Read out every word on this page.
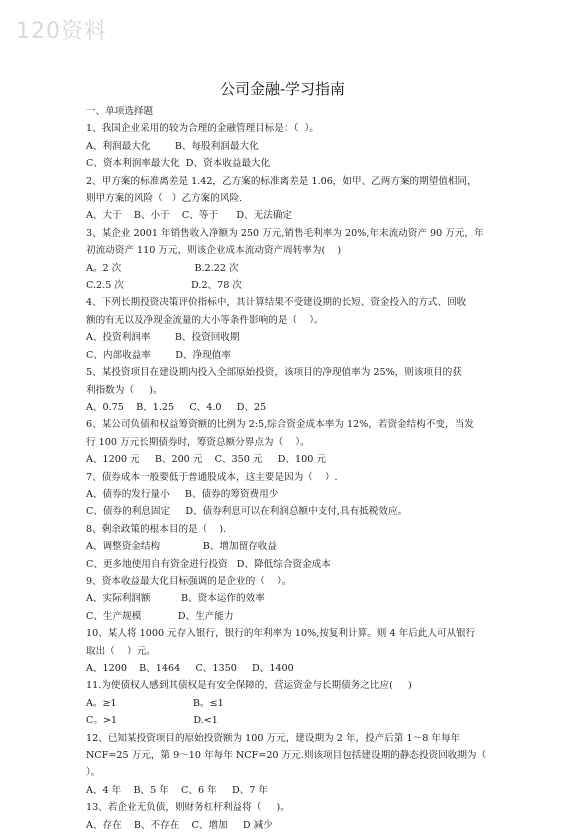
120资料
公司金融-学习指南
一、单项选择题
1、我国企业采用的较为合理的金融管理目标是：（  ）。
A、利润最大化        B、每股利润最大化
C、资本利润率最大化  D、资本收益最大化
2、甲方案的标准离差是 1.42，乙方案的标准离差是 1.06，如甲、乙两方案的期望值相同，
则甲方案的风险（   ）乙方案的风险.
A、大于    B、小于    C、等于      D、无法确定
3、某企业 2001 年销售收入净额为 250 万元,销售毛利率为 20%,年末流动资产 90 万元，年
初流动资产 110 万元，则该企业成本流动资产周转率为(    )
A。2 次                        B.2.22 次
C.2.5 次                      D.2、78 次
4、下列长期投资决策评价指标中，其计算结果不受建设期的长短、资金投入的方式、回收
额的有无以及净现金流量的大小等条件影响的是（    ）。
A、投资利润率        B、投资回收期
C、内部收益率        D、净现值率
5、某投资项目在建设期内投入全部原始投资，该项目的净现值率为 25%，则该项目的获
利指数为（     )。
A、0.75    B、1.25     C、4.0     D、25
6、某公司负债和权益筹资额的比例为 2:5,综合资金成本率为 12%，若资金结构不变，当发
行 100 万元长期债券时，筹资总额分界点为（    ）。
A、1200 元     B、200 元    C、350 元     D、100 元
7、债券成本一般要低于普通股成本，这主要是因为（    ）.
A、债券的发行量小     B、债券的筹资费用少
C、债券的利息固定     D、债券利息可以在利润总额中支付,具有抵税效应。
8、剩余政策的根本目的是（    ).
A、调整资金结构              B、增加留存收益
C、更多地使用自有资金进行投资   D、降低综合资金成本
9、资本收益最大化目标强调的是企业的（    ）。
A、实际利润额          B、资本运作的效率
C、生产规模            D、生产能力
10、某人将 1000 元存入银行，银行的年利率为 10%,按复利计算。则 4 年后此人可从银行
取出（    ）元。
A、1200    B、1464     C、1350     D、1400
11.为使债权人感到其债权是有安全保障的，营运资金与长期债务之比应(     )
A。≥1                         B。≤1
C。>1                         D.<1
12、已知某投资项目的原始投资额为 100 万元，建设期为 2 年，投产后第 1～8 年每年
NCF=25 万元，第 9～10 年每年 NCF=20 万元.则该项目包括建设期的静态投资回收期为（
）。
A、4 年    B、5 年    C、6 年     D、7 年
13、若企业无负债，则财务杠杆利益将（     )。
A、存在    B、不存在    C、增加     D 减少
